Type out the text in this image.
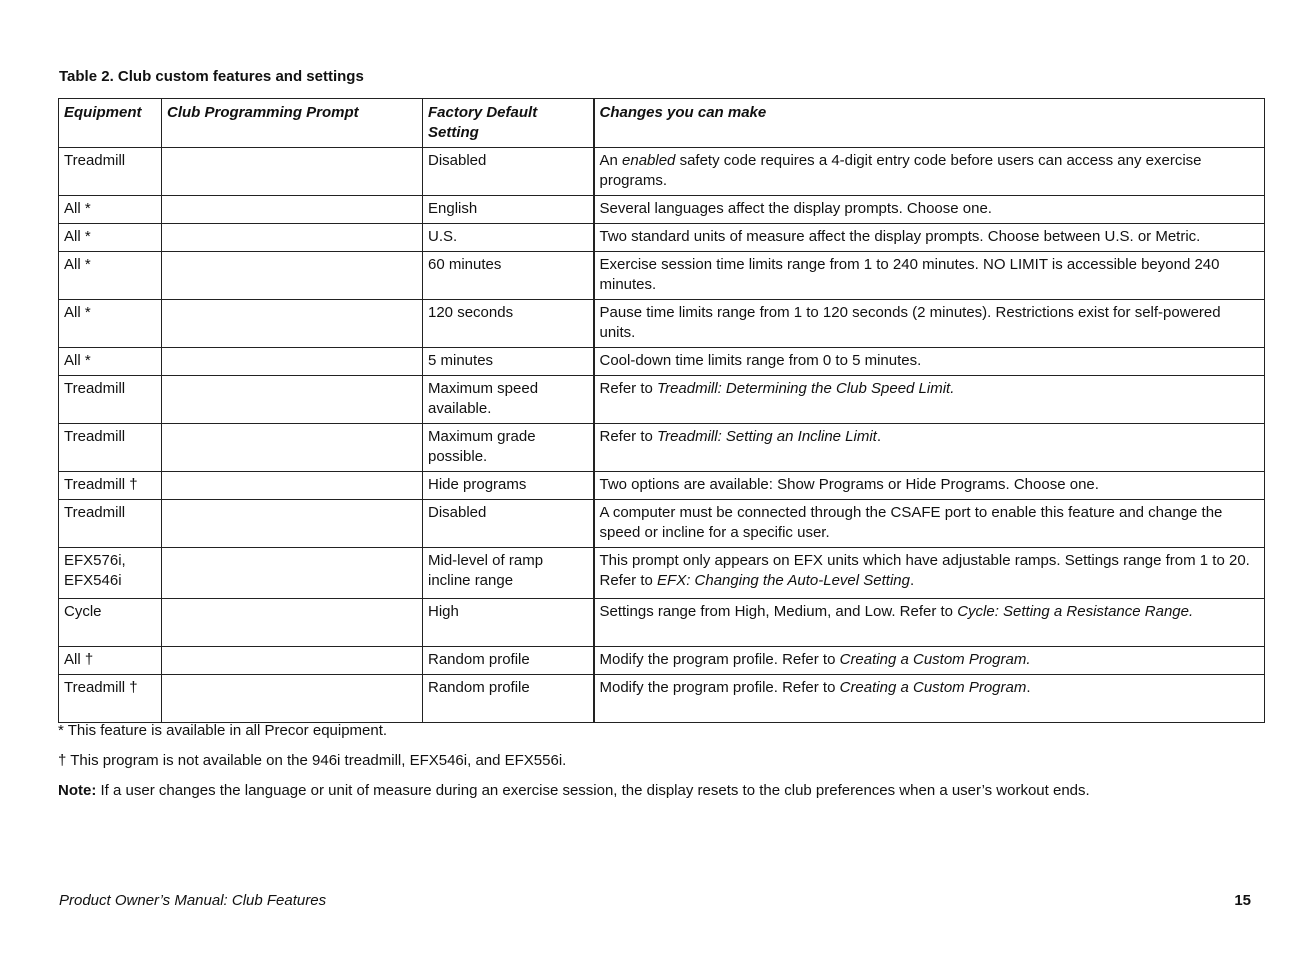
Table 2. Club custom features and settings
Equipment	Club Programming Prompt	Factory Default Setting	Changes you can make
Treadmill		Disabled	An enabled safety code requires a 4-digit entry code before users can access any exercise programs.
All *		English	Several languages affect the display prompts. Choose one.
All *		U.S.	Two standard units of measure affect the display prompts. Choose between U.S. or Metric.
All *		60 minutes	Exercise session time limits range from 1 to 240 minutes. NO LIMIT is accessible beyond 240 minutes.
All *		120 seconds	Pause time limits range from 1 to 120 seconds (2 minutes). Restrictions exist for self-powered units.
All *		5 minutes	Cool-down time limits range from 0 to 5 minutes.
Treadmill		Maximum speed available.	Refer to Treadmill: Determining the Club Speed Limit.
Treadmill		Maximum grade possible.	Refer to Treadmill: Setting an Incline Limit.
Treadmill †		Hide programs	Two options are available: Show Programs or Hide Programs. Choose one.
Treadmill		Disabled	A computer must be connected through the CSAFE port to enable this feature and change the speed or incline for a specific user.
EFX576i, EFX546i		Mid-level of ramp incline range	This prompt only appears on EFX units which have adjustable ramps. Settings range from 1 to 20. Refer to EFX: Changing the Auto-Level Setting.
Cycle		High	Settings range from High, Medium, and Low. Refer to Cycle: Setting a Resistance Range.
All †		Random profile	Modify the program profile. Refer to Creating a Custom Program.
Treadmill †		Random profile	Modify the program profile. Refer to Creating a Custom Program.

* This feature is available in all Precor equipment.

† This program is not available on the 946i treadmill, EFX546i, and EFX556i.

Note: If a user changes the language or unit of measure during an exercise session, the display resets to the club preferences when a user’s workout ends.

Product Owner’s Manual: Club Features	15
